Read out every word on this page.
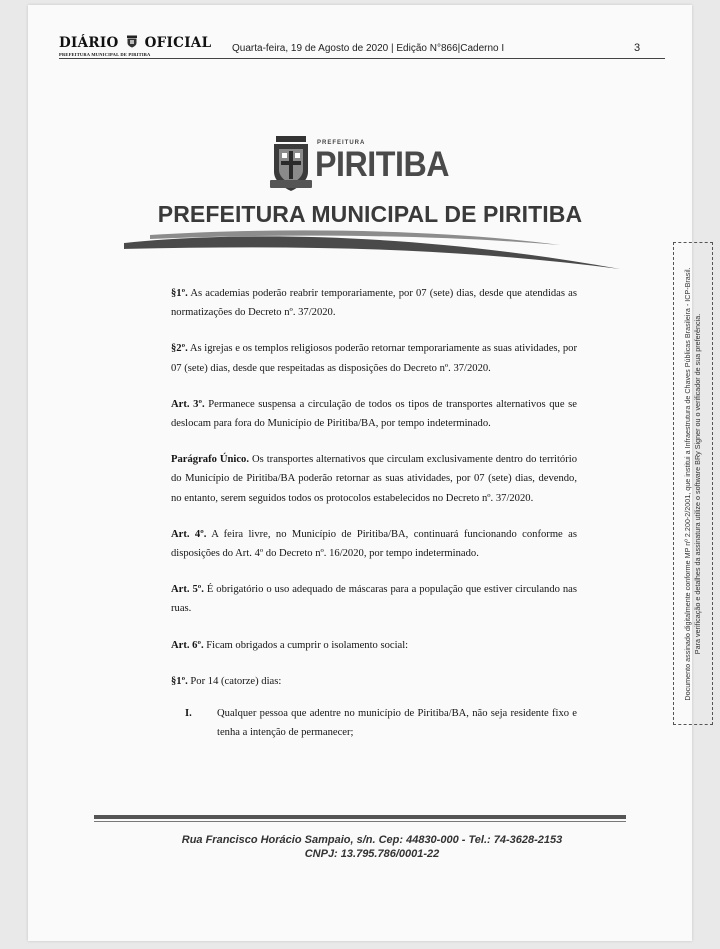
DIÁRIO OFICIAL
PREFEITURA MUNICIPAL DE PIRITIBA
Quarta-feira, 19 de Agosto de 2020 | Edição N°866|Caderno I	3
PREFEITURA
PIRITIBA
PREFEITURA MUNICIPAL DE PIRITIBA

§1º. As academias poderão reabrir temporariamente, por 07 (sete) dias, desde que atendidas as normatizações do Decreto nº. 37/2020.

§2º. As igrejas e os templos religiosos poderão retornar temporariamente as suas atividades, por 07 (sete) dias, desde que respeitadas as disposições do Decreto nº. 37/2020.

Art. 3º. Permanece suspensa a circulação de todos os tipos de transportes alternativos que se deslocam para fora do Município de Piritiba/BA, por tempo indeterminado.

Parágrafo Único. Os transportes alternativos que circulam exclusivamente dentro do território do Município de Piritiba/BA poderão retornar as suas atividades, por 07 (sete) dias, devendo, no entanto, serem seguidos todos os protocolos estabelecidos no Decreto nº. 37/2020.

Art. 4º. A feira livre, no Município de Piritiba/BA, continuará funcionando conforme as disposições do Art. 4º do Decreto nº. 16/2020, por tempo indeterminado.

Art. 5º. É obrigatório o uso adequado de máscaras para a população que estiver circulando nas ruas.

Art. 6º. Ficam obrigados a cumprir o isolamento social:

§1º. Por 14 (catorze) dias:

I.	Qualquer pessoa que adentre no município de Piritiba/BA, não seja residente fixo e tenha a intenção de permanecer;
Rua Francisco Horácio Sampaio, s/n. Cep: 44830-000 - Tel.: 74-3628-2153
CNPJ: 13.795.786/0001-22
Documento assinado digitalmente conforme MP nº 2.200-2/2001, que institui a Infraestrutura de Chaves Públicas Brasileira - ICP-Brasil. Para verificação e detalhes da assinatura utilize o software BRy Signer ou o verificador de sua preferência.
